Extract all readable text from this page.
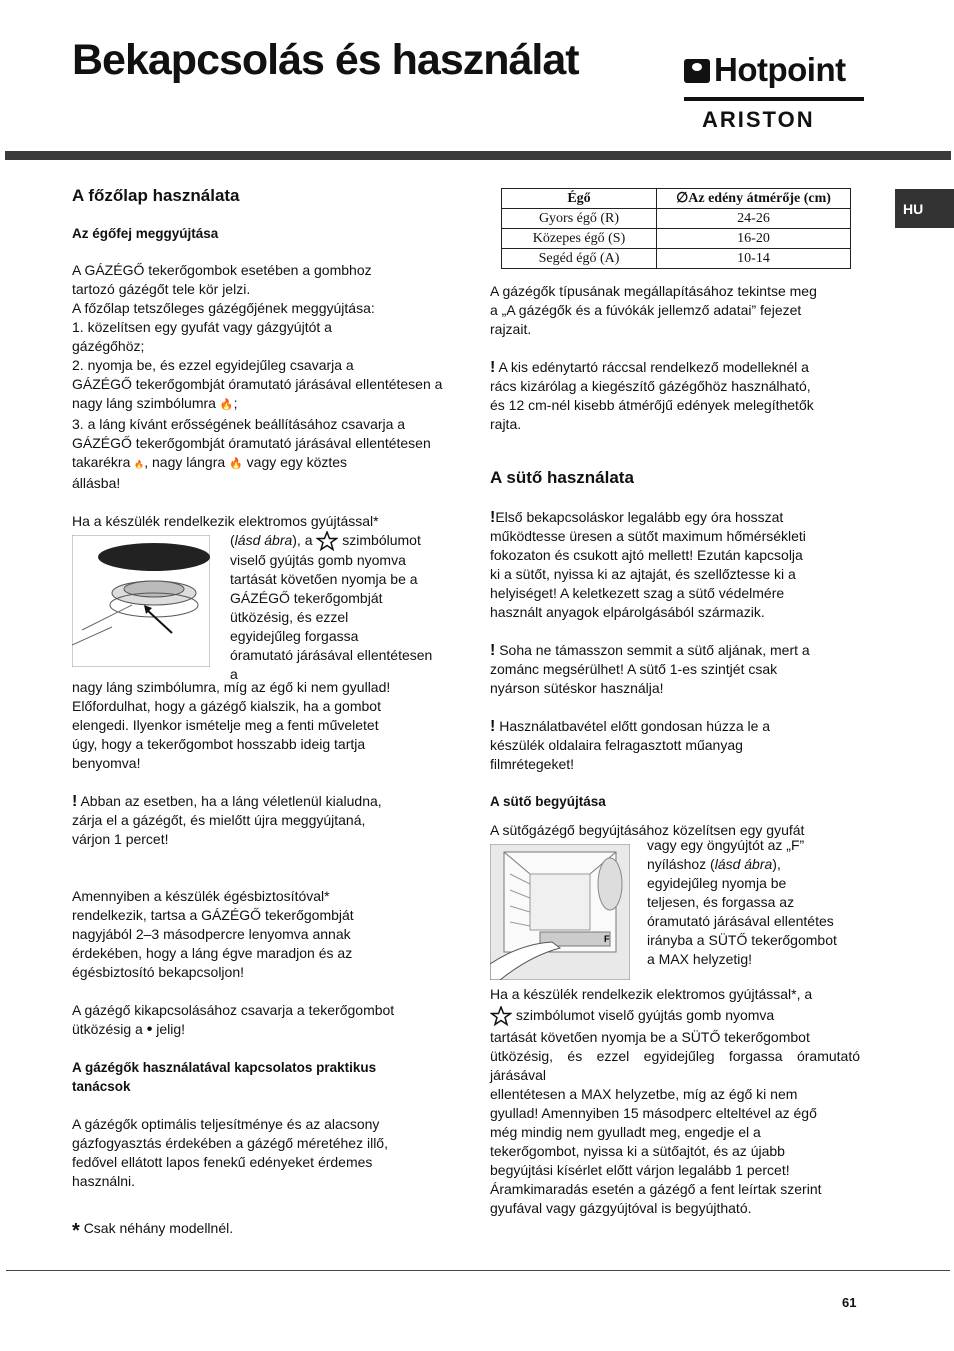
Bekapcsolás és használat	Hotpoint
ARISTON
HU
A főzőlap használata
Az égőfej meggyújtása

A GÁZÉGŐ tekerőgombok esetében a gombhoz

tartozó gázégőt tele kör jelzi.

A főzőlap tetszőleges gázégőjének meggyújtása:

1. közelítsen egy gyufát vagy gázgyújtót a

gázégőhöz;

2. nyomja be, és ezzel egyidejűleg csavarja a

GÁZÉGŐ tekerőgombját óramutató járásával ellentétesen a

nagy láng szimbólumra 🔥;

3. a láng kívánt erősségének beállításához csavarja a

GÁZÉGŐ tekerőgombját óramutató járásával ellentétesen

takarékra 🔥, nagy lángra 🔥 vagy egy köztes

állásba!

Ha a készülék rendelkezik elektromos gyújtással*

(lásd ábra), a szimbólumot

viselő gyújtás gomb nyomva

tartását követően nyomja be a

GÁZÉGŐ tekerőgombját

ütközésig, és ezzel

egyidejűleg forgassa

óramutató járásával ellentétesen a

nagy láng szimbólumra, míg az égő ki nem gyullad!

Előfordulhat, hogy a gázégő kialszik, ha a gombot

elengedi. Ilyenkor ismételje meg a fenti műveletet

úgy, hogy a tekerőgombot hosszabb ideig tartja

benyomva!

! Abban az esetben, ha a láng véletlenül kialudna,

zárja el a gázégőt, és mielőtt újra meggyújtaná,

várjon 1 percet!

Amennyiben a készülék égésbiztosítóval*

rendelkezik, tartsa a GÁZÉGŐ tekerőgombját

nagyjából 2–3 másodpercre lenyomva annak

érdekében, hogy a láng égve maradjon és az

égésbiztosító bekapcsoljon!

A gázégő kikapcsolásához csavarja a tekerőgombot

ütközésig a • jelig!

A gázégők használatával kapcsolatos praktikus

tanácsok

A gázégők optimális teljesítménye és az alacsony

gázfogyasztás érdekében a gázégő méretéhez illő,

fedővel ellátott lapos fenekű edényeket érdemes

használni.

* Csak néhány modellnél.

Égő	∅Az edény átmérője (cm)
Gyors égő (R)	24-26
Közepes égő (S)	16-20
Segéd égő (A)	10-14

A gázégők típusának megállapításához tekintse meg

a „A gázégők és a fúvókák jellemző adatai” fejezet

rajzait.

! A kis edénytartó ráccsal rendelkező modelleknél a

rács kizárólag a kiegészítő gázégőhöz használható,

és 12 cm-nél kisebb átmérőjű edények melegíthetők

rajta.

A sütő használata

!Első bekapcsoláskor legalább egy óra hosszat

működtesse üresen a sütőt maximum hőmérsékleti

fokozaton és csukott ajtó mellett! Ezután kapcsolja

ki a sütőt, nyissa ki az ajtaját, és szellőztesse ki a

helyiséget! A keletkezett szag a sütő védelmére

használt anyagok elpárolgásából származik.

! Soha ne támasszon semmit a sütő aljának, mert a

zománc megsérülhet! A sütő 1-es szintjét csak

nyárson sütéskor használja!

! Használatbavétel előtt gondosan húzza le a

készülék oldalaira felragasztott műanyag

filmrétegeket!

A sütő begyújtása

A sütőgázégő begyújtásához közelítsen egy gyufát

F

vagy egy öngyújtót az „F”

nyíláshoz (lásd ábra),

egyidejűleg nyomja be

teljesen, és forgassa az

óramutató járásával ellentétes

irányba a SÜTŐ tekerőgombot

a MAX helyzetig!

Ha a készülék rendelkezik elektromos gyújtással*, a

szimbólumot viselő gyújtás gomb nyomva

tartását követően nyomja be a SÜTŐ tekerőgombot

ütközésig, és ezzel egyidejűleg forgassa óramutató járásával

ellentétesen a MAX helyzetbe, míg az égő ki nem

gyullad! Amennyiben 15 másodperc elteltével az égő

még mindig nem gyulladt meg, engedje el a

tekerőgombot, nyissa ki a sütőajtót, és az újabb

begyújtási kísérlet előtt várjon legalább 1 percet!

Áramkimaradás esetén a gázégő a fent leírtak szerint

gyufával vagy gázgyújtóval is begyújtható.

61
